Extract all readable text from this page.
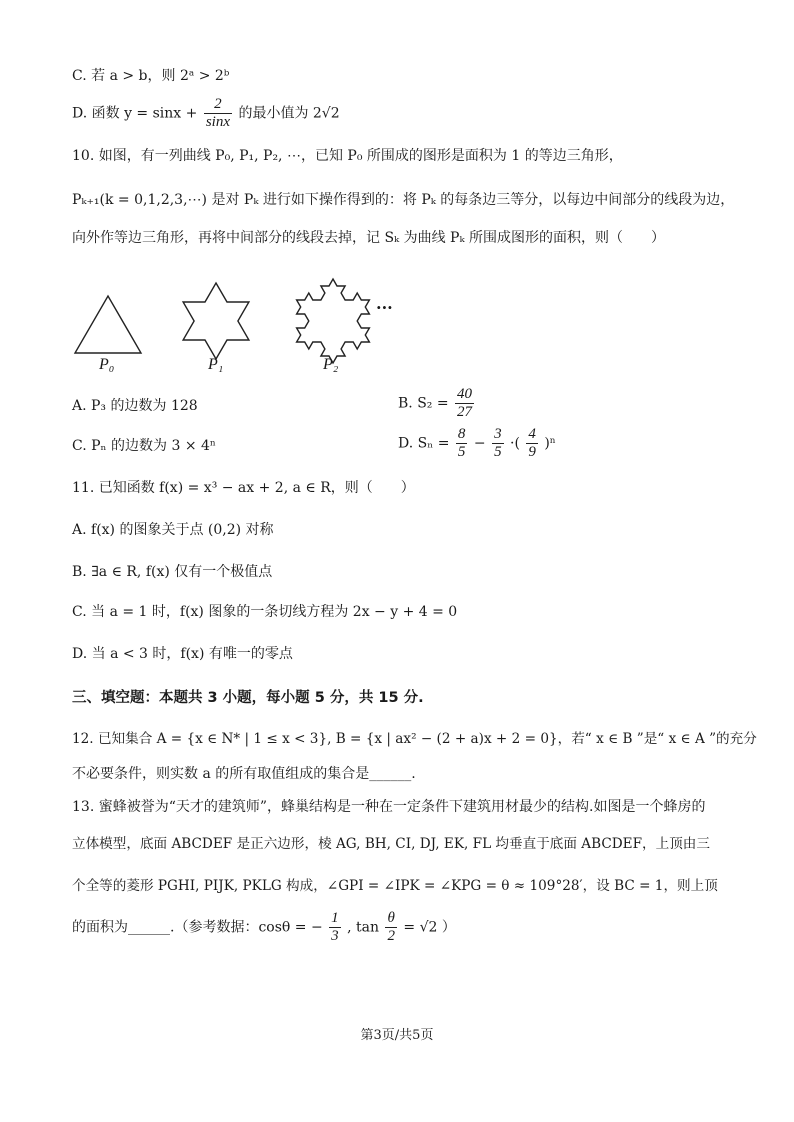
C. 若 a > b，则 2ᵃ > 2ᵇ
D. 函数 $y = \sin x + \frac{2}{\sin x}$ 的最小值为 2√2
10. 如图，有一列曲线 P₀, P₁, P₂, ⋯，已知 P₀ 所围成的图形是面积为 1 的等边三角形，
Pₖ₊₁(k = 0,1,2,3,⋯) 是对 Pₖ 进行如下操作得到的：将 Pₖ 的每条边三等分，以每边中间部分的线段为边，
向外作等边三角形，再将中间部分的线段去掉，记 Sₖ 为曲线 Pₖ 所围成图形的面积，则（　　）
P₀	P₁	P₂
···
A. P₃ 的边数为 128	B. $S_2 = \frac{40}{27}$
C. Pₙ 的边数为 3 × 4ⁿ	D. $S_n = \frac{8}{5} - \frac{3}{5}$ ·( $\frac{4}{9} )^n$
11. 已知函数 f(x) = x³ − ax + 2, a ∈ R，则（　　）
A. f(x) 的图象关于点 (0,2) 对称
B. ∃a ∈ R, f(x) 仅有一个极值点
C. 当 a = 1 时，f(x) 图象的一条切线方程为 2x − y + 4 = 0
D. 当 a < 3 时，f(x) 有唯一的零点
三、填空题：本题共 3 小题，每小题 5 分，共 15 分.
12. 已知集合 A = {x ∈ N* | 1 ≤ x < 3}, B = {x | ax² − (2 + a)x + 2 = 0}，若“ x ∈ B ”是“ x ∈ A ”的充分
不必要条件，则实数 a 的所有取值组成的集合是______.
13. 蜜蜂被誉为“天才的建筑师”，蜂巢结构是一种在一定条件下建筑用材最少的结构.如图是一个蜂房的
立体模型，底面 ABCDEF 是正六边形，棱 AG, BH, CI, DJ, EK, FL 均垂直于底面 ABCDEF，上顶由三
个全等的菱形 PGHI, PIJK, PKLG 构成，∠GPI = ∠IPK = ∠KPG = θ ≈ 109°28′，设 BC = 1，则上顶
的面积为______.（参考数据：cosθ = − $\frac{1}{3}$ , $\tan \frac{\theta}{2} = √2$ ）
第3页/共5页
